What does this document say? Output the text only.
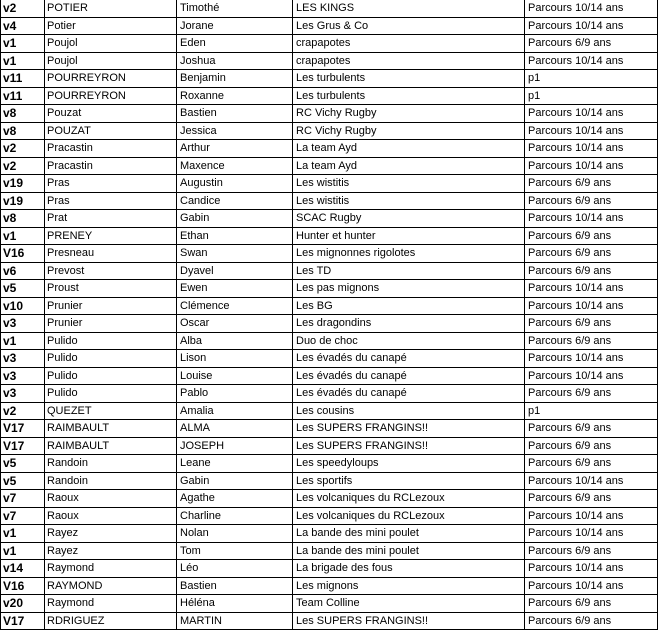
v2	POTIER	Timothé	LES KINGS	Parcours 10/14 ans
v4	Potier	Jorane	Les Grus & Co	Parcours 10/14 ans
v1	Poujol	Eden	crapapotes	Parcours 6/9 ans
v1	Poujol	Joshua	crapapotes	Parcours 10/14 ans
v11	POURREYRON	Benjamin	Les turbulents	p1
v11	POURREYRON	Roxanne	Les turbulents	p1
v8	Pouzat	Bastien	RC Vichy Rugby	Parcours 10/14 ans
v8	POUZAT	Jessica	RC Vichy Rugby	Parcours 10/14 ans
v2	Pracastin	Arthur	La team Ayd	Parcours 10/14 ans
v2	Pracastin	Maxence	La team Ayd	Parcours 10/14 ans
v19	Pras	Augustin	Les wistitis	Parcours 6/9 ans
v19	Pras	Candice	Les wistitis	Parcours 6/9 ans
v8	Prat	Gabin	SCAC Rugby	Parcours 10/14 ans
v1	PRENEY	Ethan	Hunter et hunter	Parcours 6/9 ans
V16	Presneau	Swan	Les mignonnes rigolotes	Parcours 6/9 ans
v6	Prevost	Dyavel	Les TD	Parcours 6/9 ans
v5	Proust	Ewen	Les pas mignons	Parcours 10/14 ans
v10	Prunier	Clémence	Les BG	Parcours 10/14 ans
v3	Prunier	Oscar	Les dragondins	Parcours 6/9 ans
v1	Pulido	Alba	Duo de choc	Parcours 6/9 ans
v3	Pulido	Lison	Les évadés du canapé	Parcours 10/14 ans
v3	Pulido	Louise	Les évadés du canapé	Parcours 10/14 ans
v3	Pulido	Pablo	Les évadés du canapé	Parcours 6/9 ans
v2	QUEZET	Amalia	Les cousins	p1
V17	RAIMBAULT	ALMA	Les SUPERS FRANGINS!!	Parcours 6/9 ans
V17	RAIMBAULT	JOSEPH	Les SUPERS FRANGINS!!	Parcours 6/9 ans
v5	Randoin	Leane	Les speedyloups	Parcours 6/9 ans
v5	Randoin	Gabin	Les sportifs	Parcours 10/14 ans
v7	Raoux	Agathe	Les volcaniques du RCLezoux	Parcours 6/9 ans
v7	Raoux	Charline	Les volcaniques du RCLezoux	Parcours 10/14 ans
v1	Rayez	Nolan	La bande des mini poulet	Parcours 10/14 ans
v1	Rayez	Tom	La bande des mini poulet	Parcours 6/9 ans
v14	Raymond	Léo	La brigade des fous	Parcours 10/14 ans
V16	RAYMOND	Bastien	Les mignons	Parcours 10/14 ans
v20	Raymond	Héléna	Team Colline	Parcours 6/9 ans
V17	RDRIGUEZ	MARTIN	Les SUPERS FRANGINS!!	Parcours 6/9 ans
